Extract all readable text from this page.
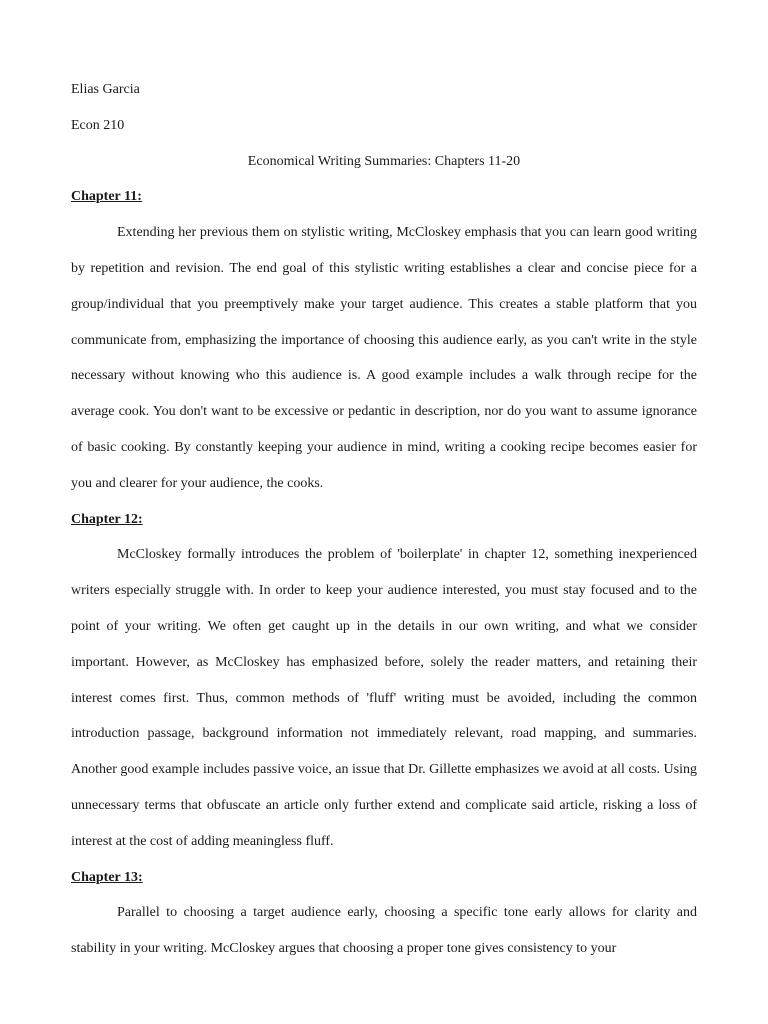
Elias Garcia

Econ 210

Economical Writing Summaries: Chapters 11-20

Chapter 11:

Extending her previous them on stylistic writing, McCloskey emphasis that you can learn good writing by repetition and revision. The end goal of this stylistic writing establishes a clear and concise piece for a group/individual that you preemptively make your target audience. This creates a stable platform that you communicate from, emphasizing the importance of choosing this audience early, as you can't write in the style necessary without knowing who this audience is. A good example includes a walk through recipe for the average cook. You don't want to be excessive or pedantic in description, nor do you want to assume ignorance of basic cooking. By constantly keeping your audience in mind, writing a cooking recipe becomes easier for you and clearer for your audience, the cooks.

Chapter 12:

McCloskey formally introduces the problem of 'boilerplate' in chapter 12, something inexperienced writers especially struggle with. In order to keep your audience interested, you must stay focused and to the point of your writing. We often get caught up in the details in our own writing, and what we consider important. However, as McCloskey has emphasized before, solely the reader matters, and retaining their interest comes first. Thus, common methods of 'fluff' writing must be avoided, including the common introduction passage, background information not immediately relevant, road mapping, and summaries. Another good example includes passive voice, an issue that Dr. Gillette emphasizes we avoid at all costs. Using unnecessary terms that obfuscate an article only further extend and complicate said article, risking a loss of interest at the cost of adding meaningless fluff.

Chapter 13:

Parallel to choosing a target audience early, choosing a specific tone early allows for clarity and stability in your writing. McCloskey argues that choosing a proper tone gives consistency to your
